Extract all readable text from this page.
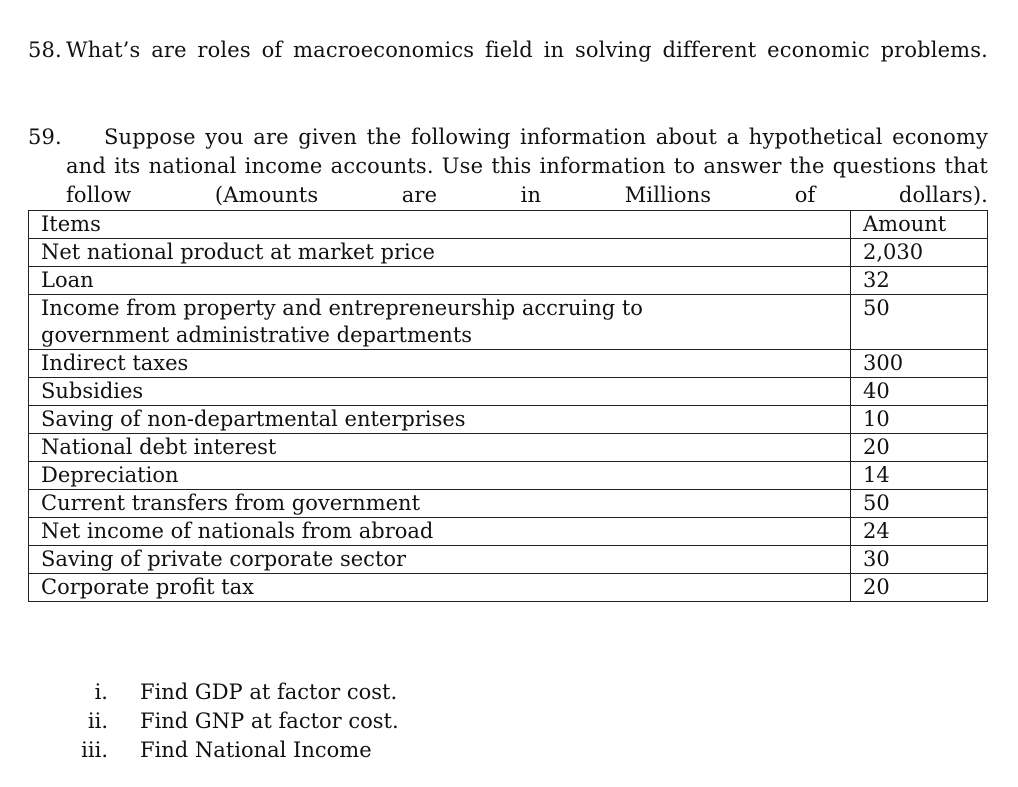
58. What’s are roles of macroeconomics field in solving different economic problems.
59.	Suppose you are given the following information about a hypothetical economy and its national income accounts. Use this information to answer the questions that follow (Amounts are in Millions of dollars).
Items	Amount
Net national product at market price	2,030
Loan	32
Income from property and entrepreneurship accruing to government administrative departments	50
Indirect taxes	300
Subsidies	40
Saving of non-departmental enterprises	10
National debt interest	20
Depreciation	14
Current transfers from government	50
Net income of nationals from abroad	24
Saving of private corporate sector	30
Corporate profit tax	20
i. Find GDP at factor cost.
ii. Find GNP at factor cost.
iii. Find National Income
